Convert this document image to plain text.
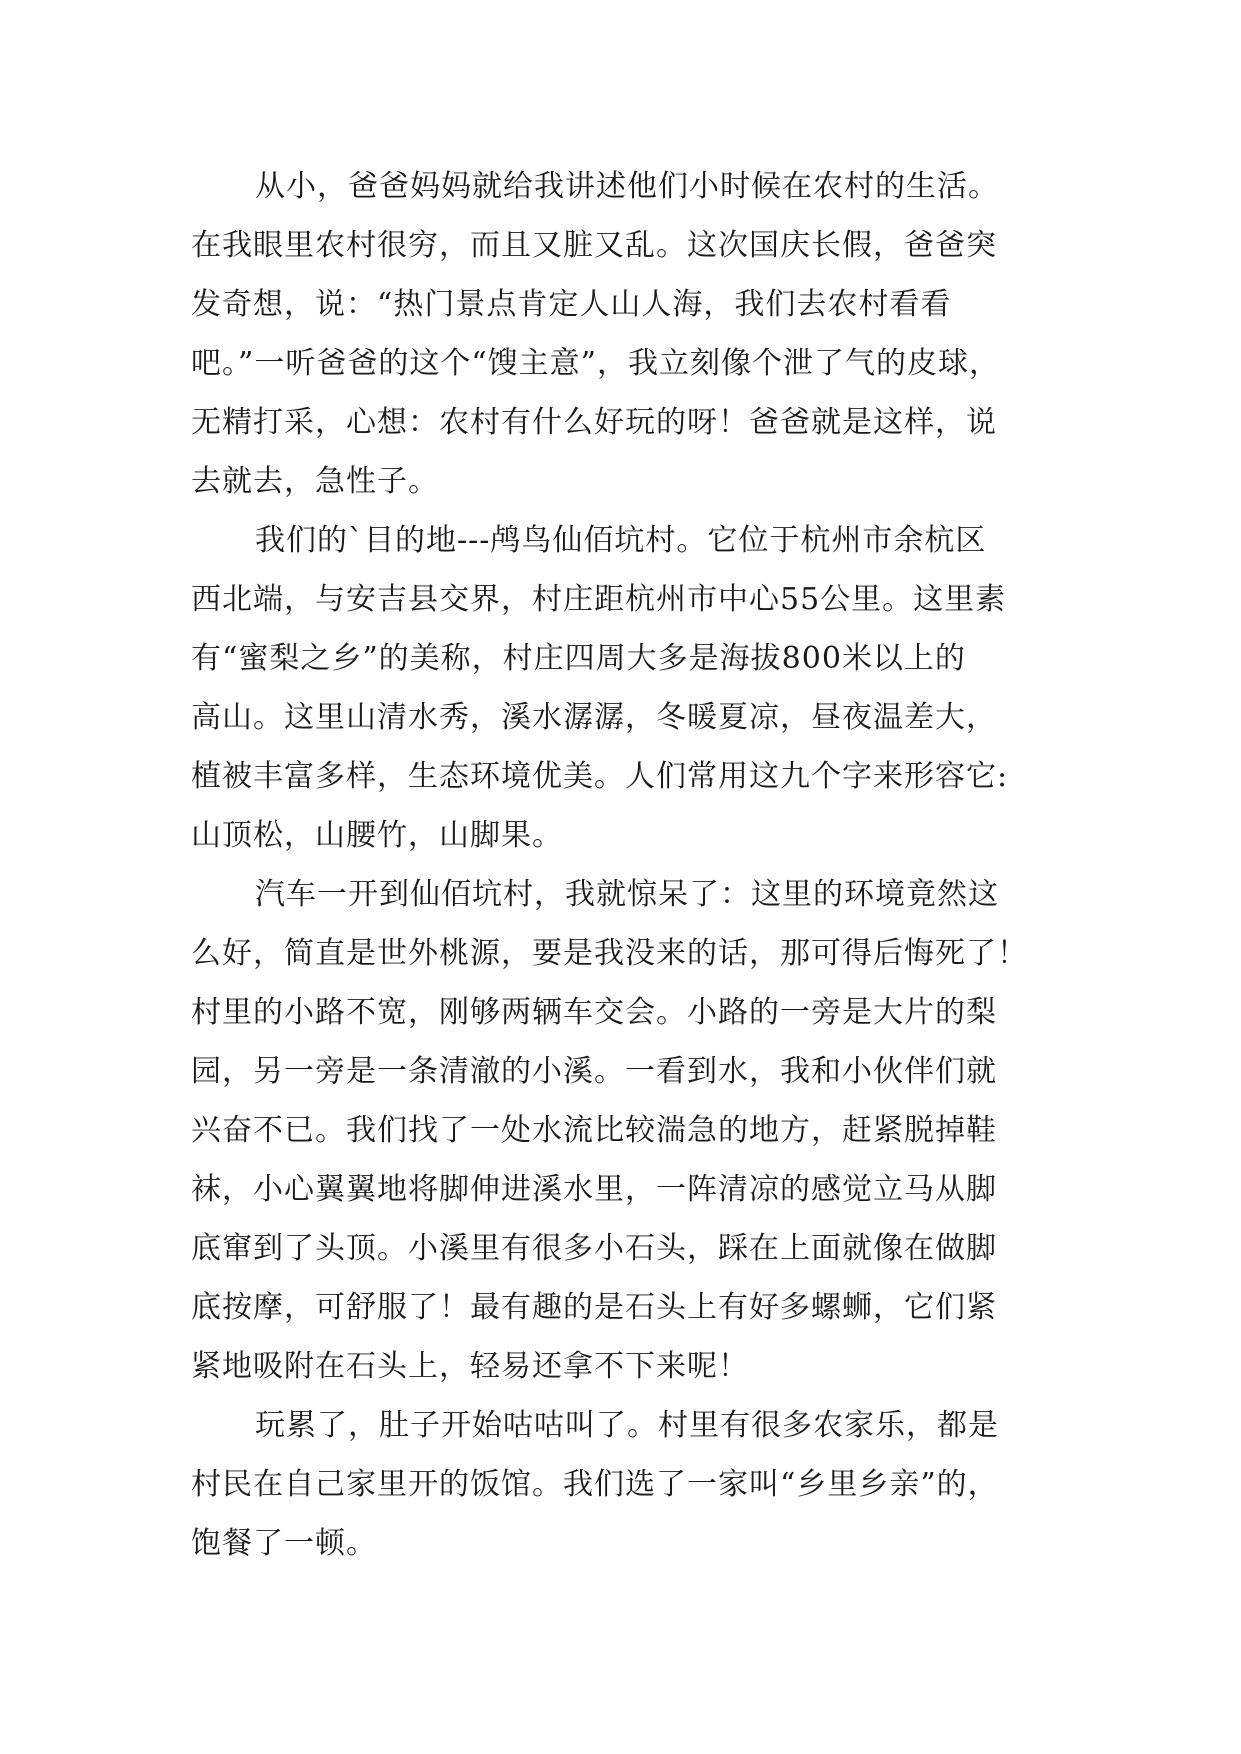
从小，爸爸妈妈就给我讲述他们小时候在农村的生活。
在我眼里农村很穷，而且又脏又乱。这次国庆长假，爸爸突
发奇想，说：“热门景点肯定人山人海，我们去农村看看
吧。”一听爸爸的这个“馊主意”，我立刻像个泄了气的皮球，
无精打采，心想：农村有什么好玩的呀！爸爸就是这样，说
去就去，急性子。
我们的`目的地---鸬鸟仙佰坑村。它位于杭州市余杭区
西北端，与安吉县交界，村庄距杭州市中心55公里。这里素
有“蜜梨之乡”的美称，村庄四周大多是海拔800米以上的
高山。这里山清水秀，溪水潺潺，冬暖夏凉，昼夜温差大，
植被丰富多样，生态环境优美。人们常用这九个字来形容它:
山顶松，山腰竹，山脚果。
汽车一开到仙佰坑村，我就惊呆了：这里的环境竟然这
么好，简直是世外桃源，要是我没来的话，那可得后悔死了！
村里的小路不宽，刚够两辆车交会。小路的一旁是大片的梨
园，另一旁是一条清澈的小溪。一看到水，我和小伙伴们就
兴奋不已。我们找了一处水流比较湍急的地方，赶紧脱掉鞋
袜，小心翼翼地将脚伸进溪水里，一阵清凉的感觉立马从脚
底窜到了头顶。小溪里有很多小石头，踩在上面就像在做脚
底按摩，可舒服了！最有趣的是石头上有好多螺蛳，它们紧
紧地吸附在石头上，轻易还拿不下来呢！
玩累了，肚子开始咕咕叫了。村里有很多农家乐，都是
村民在自己家里开的饭馆。我们选了一家叫“乡里乡亲”的，
饱餐了一顿。
